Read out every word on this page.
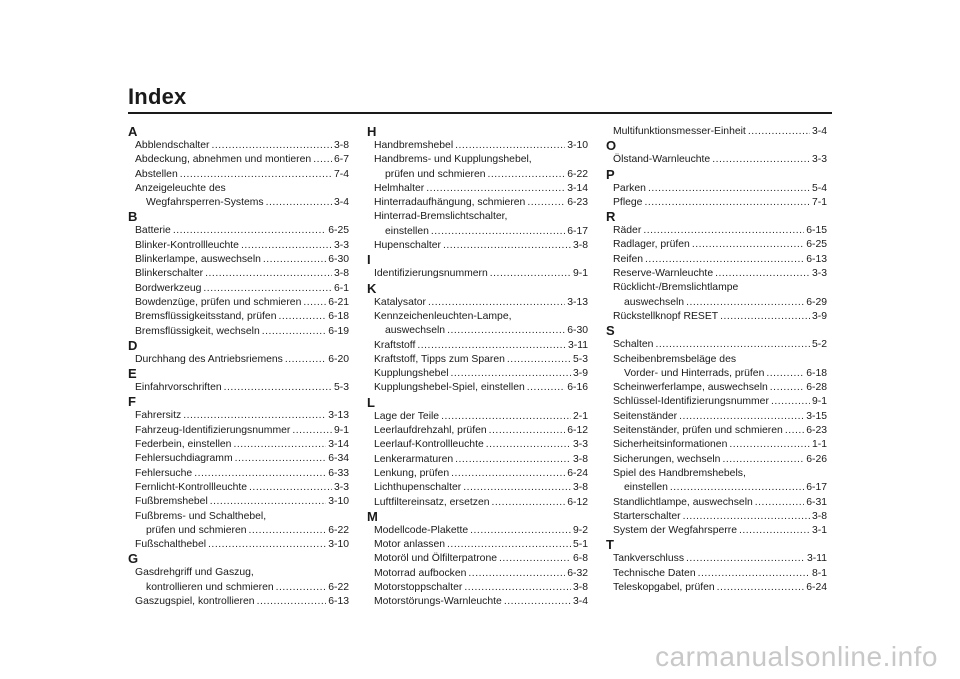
Index
A
Abblendschalter .....	3-8
Abdeckung, abnehmen und montieren ..... 6-7
Abstellen .....	7-4
Anzeigeleuchte des
Wegfahrsperren-Systems .....	3-4
B
Batterie .....	6-25
Blinker-Kontrollleuchte .....	3-3
Blinkerlampe, auswechseln .....	6-30
Blinkerschalter .....	3-8
Bordwerkzeug .....	6-1
Bowdenzüge, prüfen und schmieren .....	6-21
Bremsflüssigkeitsstand, prüfen .....	6-18
Bremsflüssigkeit, wechseln .....	6-19
D
Durchhang des Antriebsriemens .....	6-20
E
Einfahrvorschriften .....	5-3
F
Fahrersitz .....	3-13
Fahrzeug-Identifizierungsnummer .....	9-1
Federbein, einstellen .....	3-14
Fehlersuchdiagramm .....	6-34
Fehlersuche .....	6-33
Fernlicht-Kontrollleuchte .....	3-3
Fußbremshebel .....	3-10
Fußbrems- und Schalthebel,
prüfen und schmieren .....	6-22
Fußschalthebel .....	3-10
G
Gasdrehgriff und Gaszug,
kontrollieren und schmieren .....	6-22
Gaszugspiel, kontrollieren .....	6-13
H
Handbremshebel .....	3-10
Handbrems- und Kupplungshebel,
prüfen und schmieren .....	6-22
Helmhalter .....	3-14
Hinterradaufhängung, schmieren .....	6-23
Hinterrad-Bremslichtschalter,
einstellen .....	6-17
Hupenschalter .....	3-8
I
Identifizierungsnummern .....	9-1
K
Katalysator .....	3-13
Kennzeichenleuchten-Lampe,
auswechseln .....	6-30
Kraftstoff .....	3-11
Kraftstoff, Tipps zum Sparen .....	5-3
Kupplungshebel .....	3-9
Kupplungshebel-Spiel, einstellen .....	6-16
L
Lage der Teile .....	2-1
Leerlaufdrehzahl, prüfen .....	6-12
Leerlauf-Kontrollleuchte .....	3-3
Lenkerarmaturen .....	3-8
Lenkung, prüfen .....	6-24
Lichthupenschalter .....	3-8
Luftfiltereinsatz, ersetzen .....	6-12
M
Modellcode-Plakette .....	9-2
Motor anlassen .....	5-1
Motoröl und Ölfilterpatrone .....	6-8
Motorrad aufbocken .....	6-32
Motorstoppschalter .....	3-8
Motorstörungs-Warnleuchte .....	3-4
Multifunktionsmesser-Einheit .....	3-4
O
Ölstand-Warnleuchte .....	3-3
P
Parken .....	5-4
Pflege .....	7-1
R
Räder .....	6-15
Radlager, prüfen .....	6-25
Reifen .....	6-13
Reserve-Warnleuchte .....	3-3
Rücklicht-/Bremslichtlampe
auswechseln .....	6-29
Rückstellknopf RESET .....	3-9
S
Schalten .....	5-2
Scheibenbremsbeläge des
Vorder- und Hinterrads, prüfen .....	6-18
Scheinwerferlampe, auswechseln .....	6-28
Schlüssel-Identifizierungsnummer .....	9-1
Seitenständer .....	3-15
Seitenständer, prüfen und schmieren ..... 6-23
Sicherheitsinformationen .....	1-1
Sicherungen, wechseln .....	6-26
Spiel des Handbremshebels,
einstellen .....	6-17
Standlichtlampe, auswechseln .....	6-31
Starterschalter .....	3-8
System der Wegfahrsperre .....	3-1
T
Tankverschluss .....	3-11
Technische Daten .....	8-1
Teleskopgabel, prüfen .....	6-24
carmanualsonline.info
